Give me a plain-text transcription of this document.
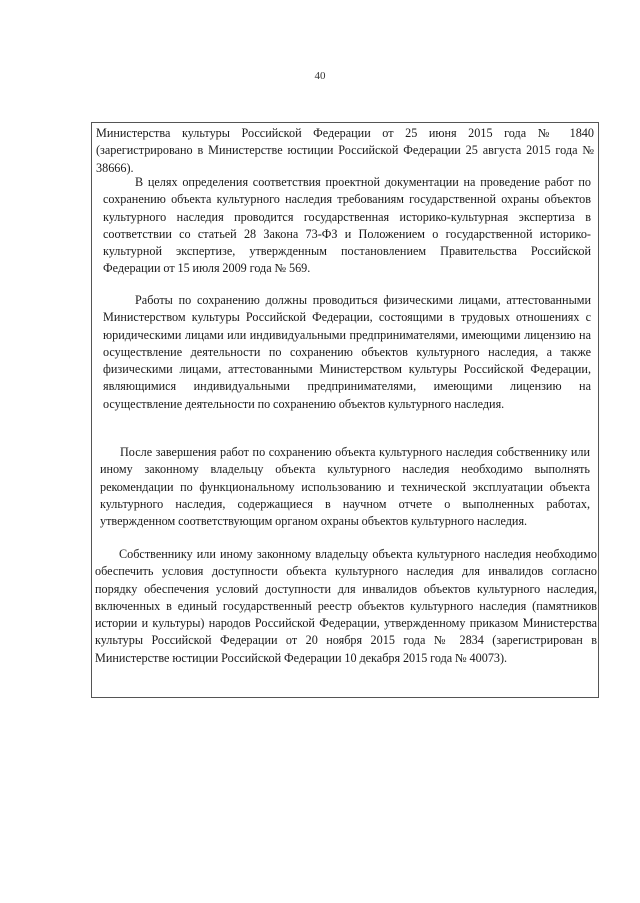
40

Министерства культуры Российской Федерации от 25 июня 2015 года № 1840 (зарегистрировано в Министерстве юстиции Российской Федерации 25 августа 2015 года № 38666).

В целях определения соответствия проектной документации на проведение работ по сохранению объекта культурного наследия требованиям государственной охраны объектов культурного наследия проводится государственная историко-культурная экспертиза в соответствии со статьей 28 Закона 73-ФЗ и Положением о государственной историко-культурной экспертизе, утвержденным постановлением Правительства Российской Федерации от 15 июля 2009 года № 569.

Работы по сохранению должны проводиться физическими лицами, аттестованными Министерством культуры Российской Федерации, состоящими в трудовых отношениях с юридическими лицами или индивидуальными предпринимателями, имеющими лицензию на осуществление деятельности по сохранению объектов культурного наследия, а также физическими лицами, аттестованными Министерством культуры Российской Федерации, являющимися индивидуальными предпринимателями, имеющими лицензию на осуществление деятельности по сохранению объектов культурного наследия.

После завершения работ по сохранению объекта культурного наследия собственнику или иному законному владельцу объекта культурного наследия необходимо выполнять рекомендации по функциональному использованию и технической эксплуатации объекта культурного наследия, содержащиеся в научном отчете о выполненных работах, утвержденном соответствующим органом охраны объектов культурного наследия.

Собственнику или иному законному владельцу объекта культурного наследия необходимо обеспечить условия доступности объекта культурного наследия для инвалидов согласно порядку обеспечения условий доступности для инвалидов объектов культурного наследия, включенных в единый государственный реестр объектов культурного наследия (памятников истории и культуры) народов Российской Федерации, утвержденному приказом Министерства культуры Российской Федерации от 20 ноября 2015 года № 2834 (зарегистрирован в Министерстве юстиции Российской Федерации 10 декабря 2015 года № 40073).
